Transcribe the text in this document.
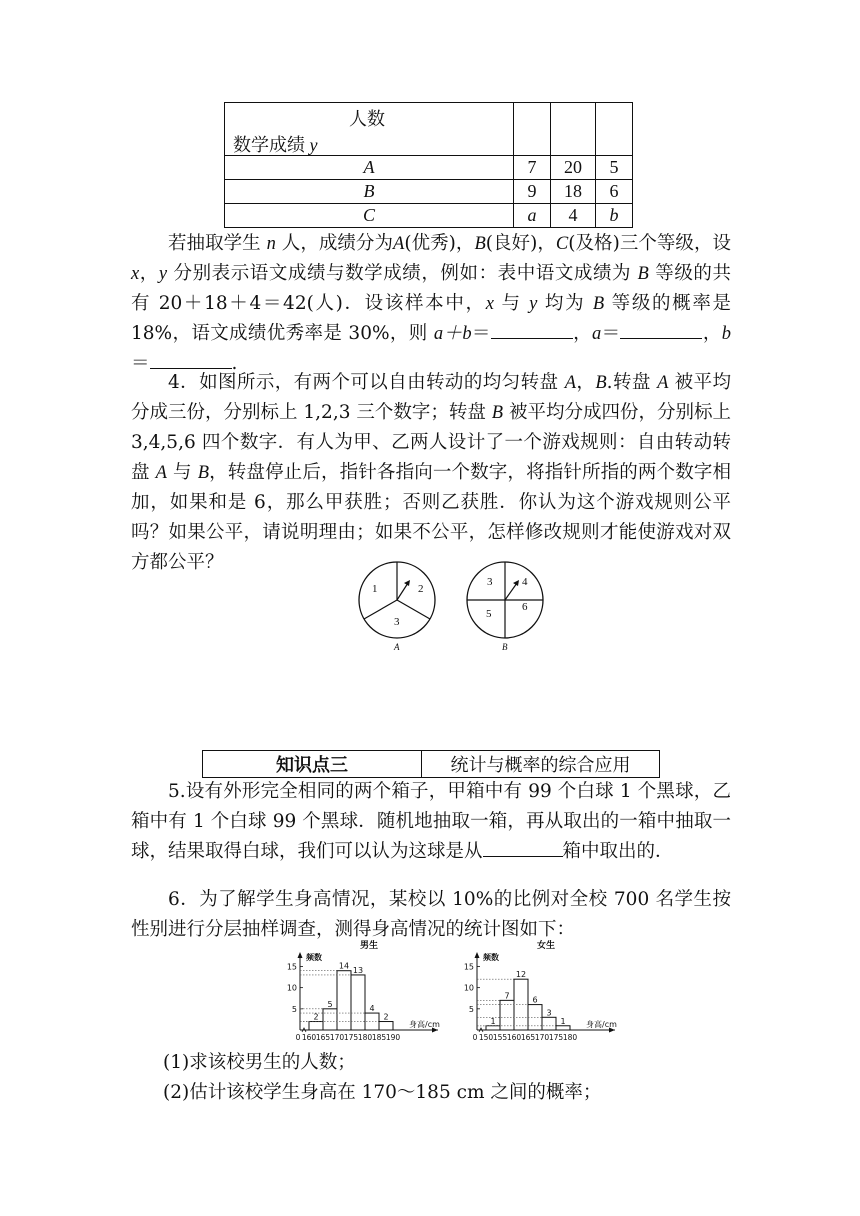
人数
数学成绩 y			

A	7	20	5
B	9	18	6
C	a	4	b

若抽取学生 n 人，成绩分为A(优秀)，B(良好)，C(及格)三个等级，设 x，y 分别表示语文成绩与数学成绩，例如：表中语文成绩为 B 等级的共有 20＋18＋4＝42(人)．设该样本中，x 与 y 均为 B 等级的概率是 18%，语文成绩优秀率是 30%，则 a＋b＝	，a＝	，b＝	.

4．如图所示，有两个可以自由转动的均匀转盘 A，B.转盘 A 被平均分成三份，分别标上 1,2,3 三个数字；转盘 B 被平均分成四份，分别标上 3,4,5,6 四个数字．有人为甲、乙两人设计了一个游戏规则：自由转动转盘 A 与 B，转盘停止后，指针各指向一个数字，将指针所指的两个数字相加，如果和是 6，那么甲获胜；否则乙获胜．你认为这个游戏规则公平吗？如果公平，请说明理由；如果不公平，怎样修改规则才能使游戏对双方都公平？

1	2
3
A
3	4
5
6
B
知识点三	统计与概率的综合应用

5.设有外形完全相同的两个箱子，甲箱中有 99 个白球 1 个黑球，乙箱中有 1 个白球 99 个黑球．随机地抽取一箱，再从取出的一箱中抽取一球，结果取得白球，我们可以认为这球是从	箱中取出的．

6．为了解学生身高情况，某校以 10%的比例对全校 700 名学生按性别进行分层抽样调查，测得身高情况的统计图如下：

男生
频数
5
10
15
2
5
14 13
4
2
0 160 165 170 175 180 185 190
身高/cm
女生
频数
5
10
15
1
7
12
6
3
1
0 150 155 160 165 170 175 180
身高/cm

(1)求该校男生的人数；

(2)估计该校学生身高在 170～185 cm 之间的概率；
